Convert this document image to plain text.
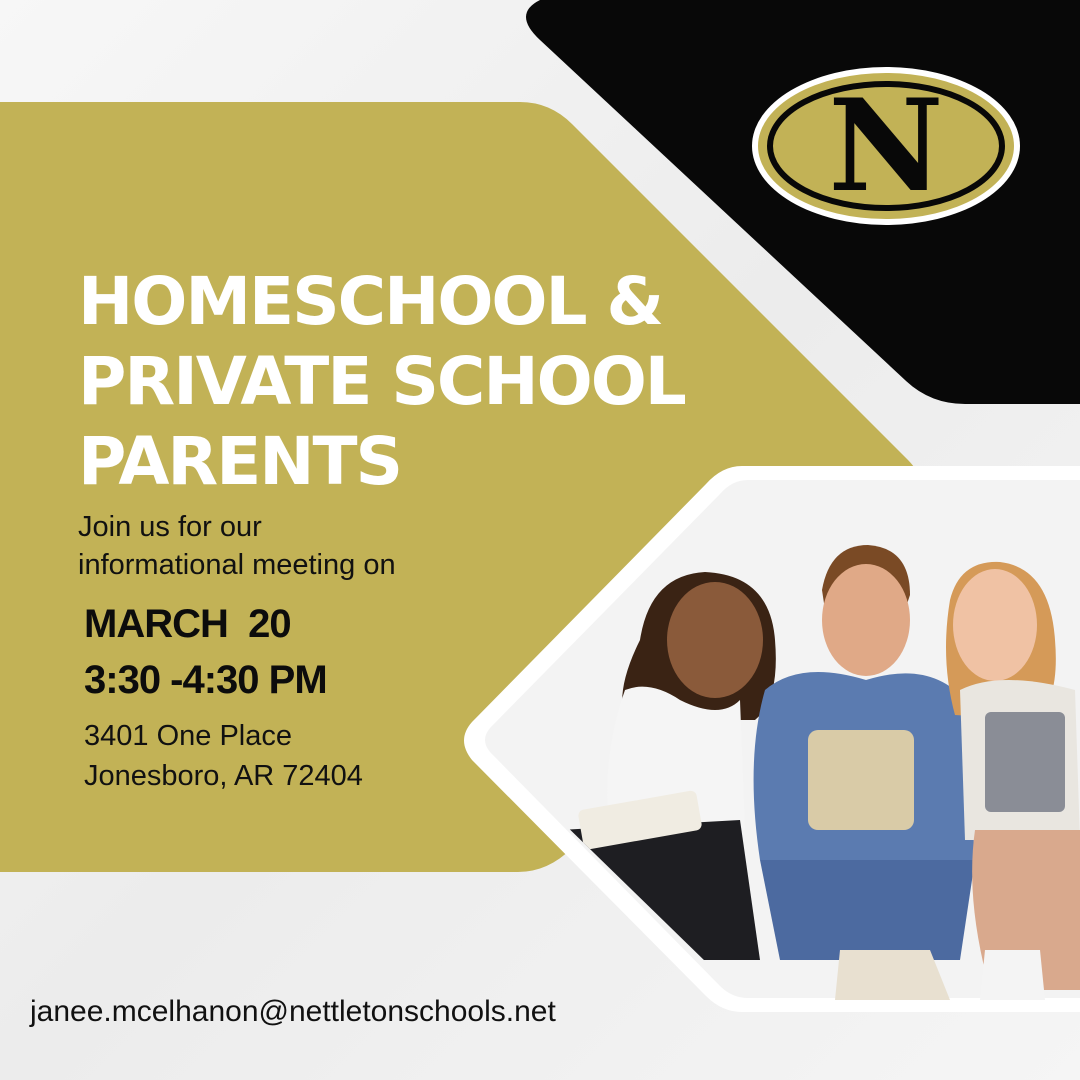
N
HOMESCHOOL &
PRIVATE SCHOOL
PARENTS
Join us for our
informational meeting on
MARCH  20
3:30 -4:30 PM
3401 One Place
Jonesboro, AR 72404
janee.mcelhanon@nettletonschools.net
